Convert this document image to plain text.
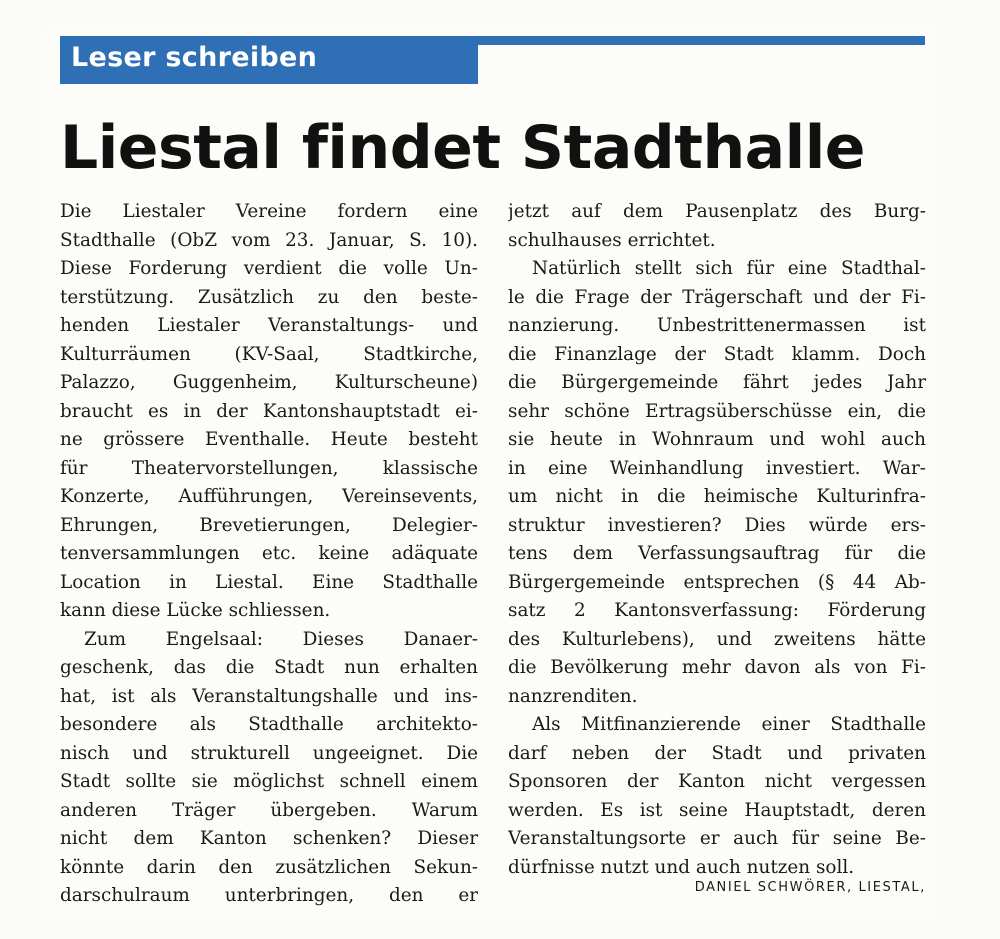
Leser schreiben
Liestal findet Stadthalle
Die Liestaler Vereine fordern eine
Stadthalle (ObZ vom 23. Januar, S. 10).
Diese Forderung verdient die volle Un-
terstützung. Zusätzlich zu den beste-
henden Liestaler Veranstaltungs- und
Kulturräumen (KV-Saal, Stadtkirche,
Palazzo, Guggenheim, Kulturscheune)
braucht es in der Kantonshauptstadt ei-
ne grössere Eventhalle. Heute besteht
für Theatervorstellungen, klassische
Konzerte, Aufführungen, Vereinsevents,
Ehrungen, Brevetierungen, Delegier-
tenversammlungen etc. keine adäquate
Location in Liestal. Eine Stadthalle
kann diese Lücke schliessen.
Zum Engelsaal: Dieses Danaer-
geschenk, das die Stadt nun erhalten
hat, ist als Veranstaltungshalle und ins-
besondere als Stadthalle architekto-
nisch und strukturell ungeeignet. Die
Stadt sollte sie möglichst schnell einem
anderen Träger übergeben. Warum
nicht dem Kanton schenken? Dieser
könnte darin den zusätzlichen Sekun-
darschulraum unterbringen, den er
jetzt auf dem Pausenplatz des Burg-
schulhauses errichtet.
Natürlich stellt sich für eine Stadthal-
le die Frage der Trägerschaft und der Fi-
nanzierung. Unbestrittenermassen ist
die Finanzlage der Stadt klamm. Doch
die Bürgergemeinde fährt jedes Jahr
sehr schöne Ertragsüberschüsse ein, die
sie heute in Wohnraum und wohl auch
in eine Weinhandlung investiert. War-
um nicht in die heimische Kulturinfra-
struktur investieren? Dies würde ers-
tens dem Verfassungsauftrag für die
Bürgergemeinde entsprechen (§ 44 Ab-
satz 2 Kantonsverfassung: Förderung
des Kulturlebens), und zweitens hätte
die Bevölkerung mehr davon als von Fi-
nanzrenditen.
Als Mitfinanzierende einer Stadthalle
darf neben der Stadt und privaten
Sponsoren der Kanton nicht vergessen
werden. Es ist seine Hauptstadt, deren
Veranstaltungsorte er auch für seine Be-
dürfnisse nutzt und auch nutzen soll.
DANIEL SCHWÖRER, LIESTAL,
